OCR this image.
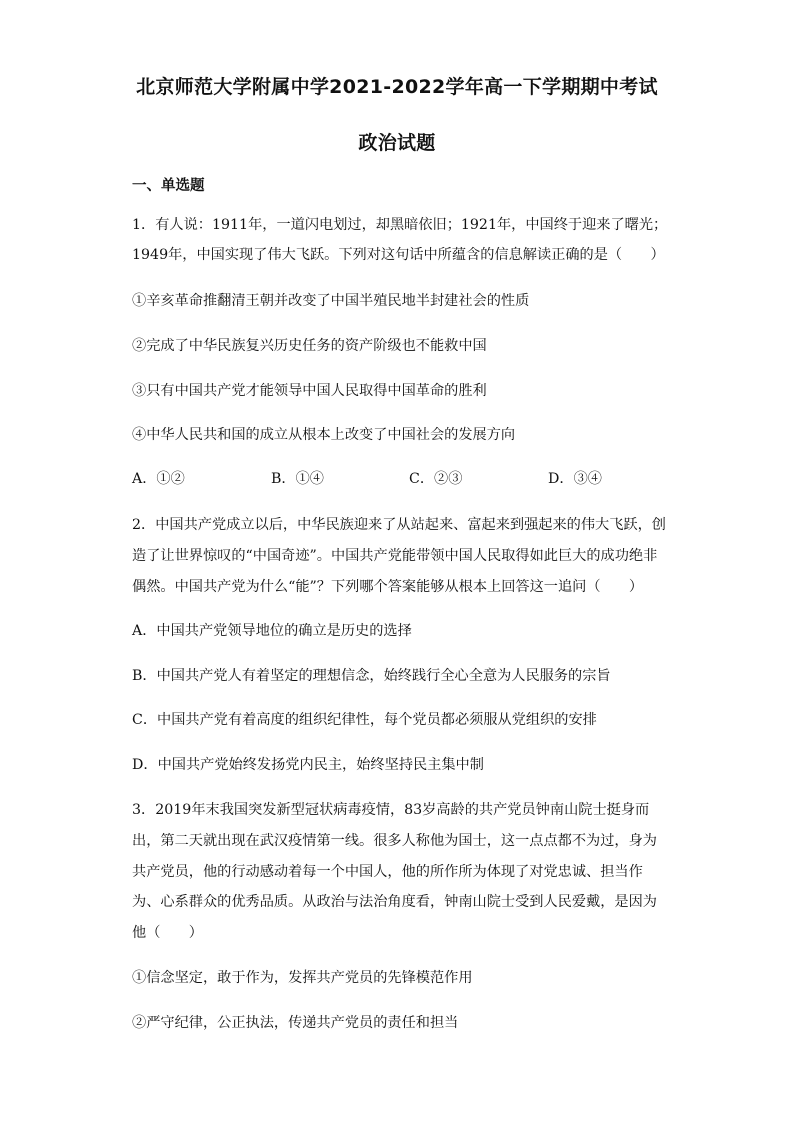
北京师范大学附属中学2021-2022学年高一下学期期中考试
政治试题
一、单选题
1．有人说：1911年，一道闪电划过，却黑暗依旧；1921年，中国终于迎来了曙光；
1949年，中国实现了伟大飞跃。下列对这句话中所蕴含的信息解读正确的是（　　）
①辛亥革命推翻清王朝并改变了中国半殖民地半封建社会的性质
②完成了中华民族复兴历史任务的资产阶级也不能救中国
③只有中国共产党才能领导中国人民取得中国革命的胜利
④中华人民共和国的成立从根本上改变了中国社会的发展方向
A．①②	B．①④	C．②③	D．③④
2．中国共产党成立以后，中华民族迎来了从站起来、富起来到强起来的伟大飞跃，创
造了让世界惊叹的“中国奇迹”。中国共产党能带领中国人民取得如此巨大的成功绝非
偶然。中国共产党为什么“能”？下列哪个答案能够从根本上回答这一追问（　　）
A．中国共产党领导地位的确立是历史的选择
B．中国共产党人有着坚定的理想信念，始终践行全心全意为人民服务的宗旨
C．中国共产党有着高度的组织纪律性，每个党员都必须服从党组织的安排
D．中国共产党始终发扬党内民主，始终坚持民主集中制
3．2019年末我国突发新型冠状病毒疫情，83岁高龄的共产党员钟南山院士挺身而
出，第二天就出现在武汉疫情第一线。很多人称他为国士，这一点点都不为过，身为
共产党员，他的行动感动着每一个中国人，他的所作所为体现了对党忠诚、担当作
为、心系群众的优秀品质。从政治与法治角度看，钟南山院士受到人民爱戴，是因为
他（　　）
①信念坚定，敢于作为，发挥共产党员的先锋模范作用
②严守纪律，公正执法，传递共产党员的责任和担当
